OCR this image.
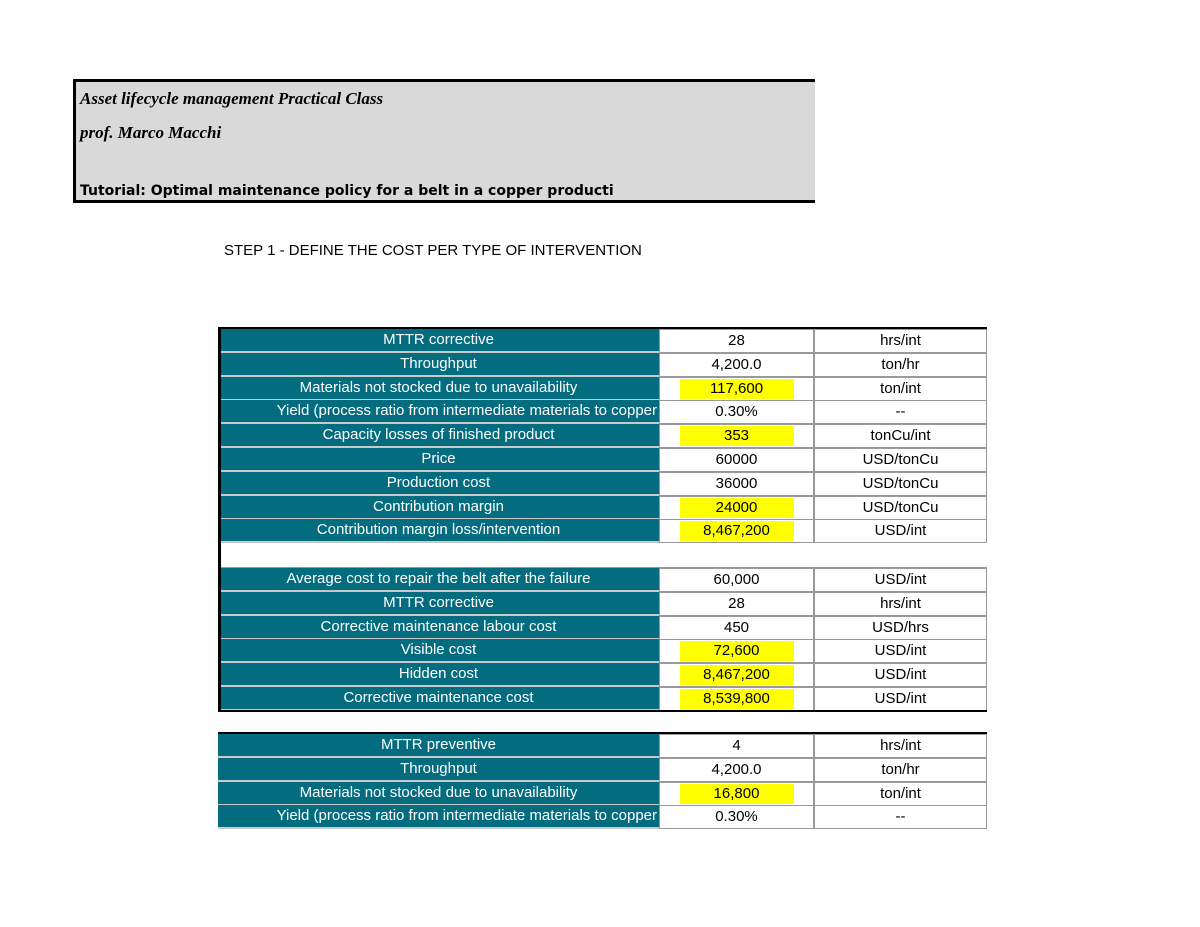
Asset lifecycle management Practical Class
prof. Marco Macchi
Tutorial: Optimal maintenance policy for a belt in a copper producti
STEP 1 - DEFINE THE COST PER TYPE OF INTERVENTION
MTTR corrective	28	hrs/int
Throughput	4,200.0	ton/hr
Materials not stocked due to unavailability	117,600	ton/int
Yield (process ratio from intermediate materials to copper	0.30%	--
Capacity losses of finished product	353	tonCu/int
Price	60000	USD/tonCu
Production cost	36000	USD/tonCu
Contribution margin	24000	USD/tonCu
Contribution margin loss/intervention	8,467,200	USD/int
Average cost to repair the belt after the failure	60,000	USD/int
MTTR corrective	28	hrs/int
Corrective maintenance labour cost	450	USD/hrs
Visible cost	72,600	USD/int
Hidden cost	8,467,200	USD/int
Corrective maintenance cost	8,539,800	USD/int
MTTR preventive	4	hrs/int
Throughput	4,200.0	ton/hr
Materials not stocked due to unavailability	16,800	ton/int
Yield (process ratio from intermediate materials to copper	0.30%	--
